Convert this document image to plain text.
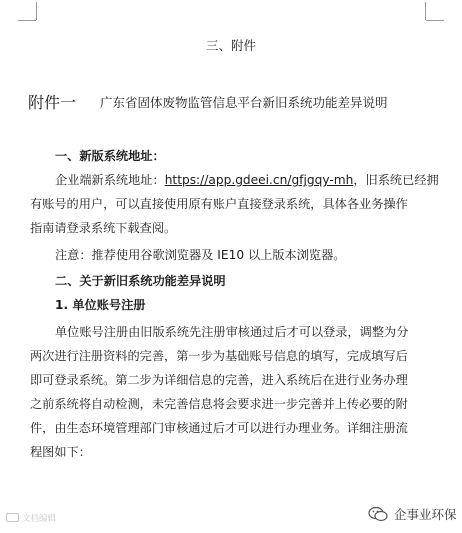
三、附件
附件一 广东省固体废物监管信息平台新旧系统功能差异说明
一、新版系统地址：
企业端新系统地址：https://app.gdeei.cn/gfjgqy-mh，旧系统已经拥
有账号的用户，可以直接使用原有账户直接登录系统，具体各业务操作
指南请登录系统下载查阅。
注意：推荐使用谷歌浏览器及 IE10 以上版本浏览器。
二、关于新旧系统功能差异说明
1. 单位账号注册
单位账号注册由旧版系统先注册审核通过后才可以登录，调整为分
两次进行注册资料的完善，第一步为基础账号信息的填写，完成填写后
即可登录系统。第二步为详细信息的完善，进入系统后在进行业务办理
之前系统将自动检测，未完善信息将会要求进一步完善并上传必要的附
件，由生态环境管理部门审核通过后才可以进行办理业务。详细注册流
程图如下：
文档编辑	企事业环保
